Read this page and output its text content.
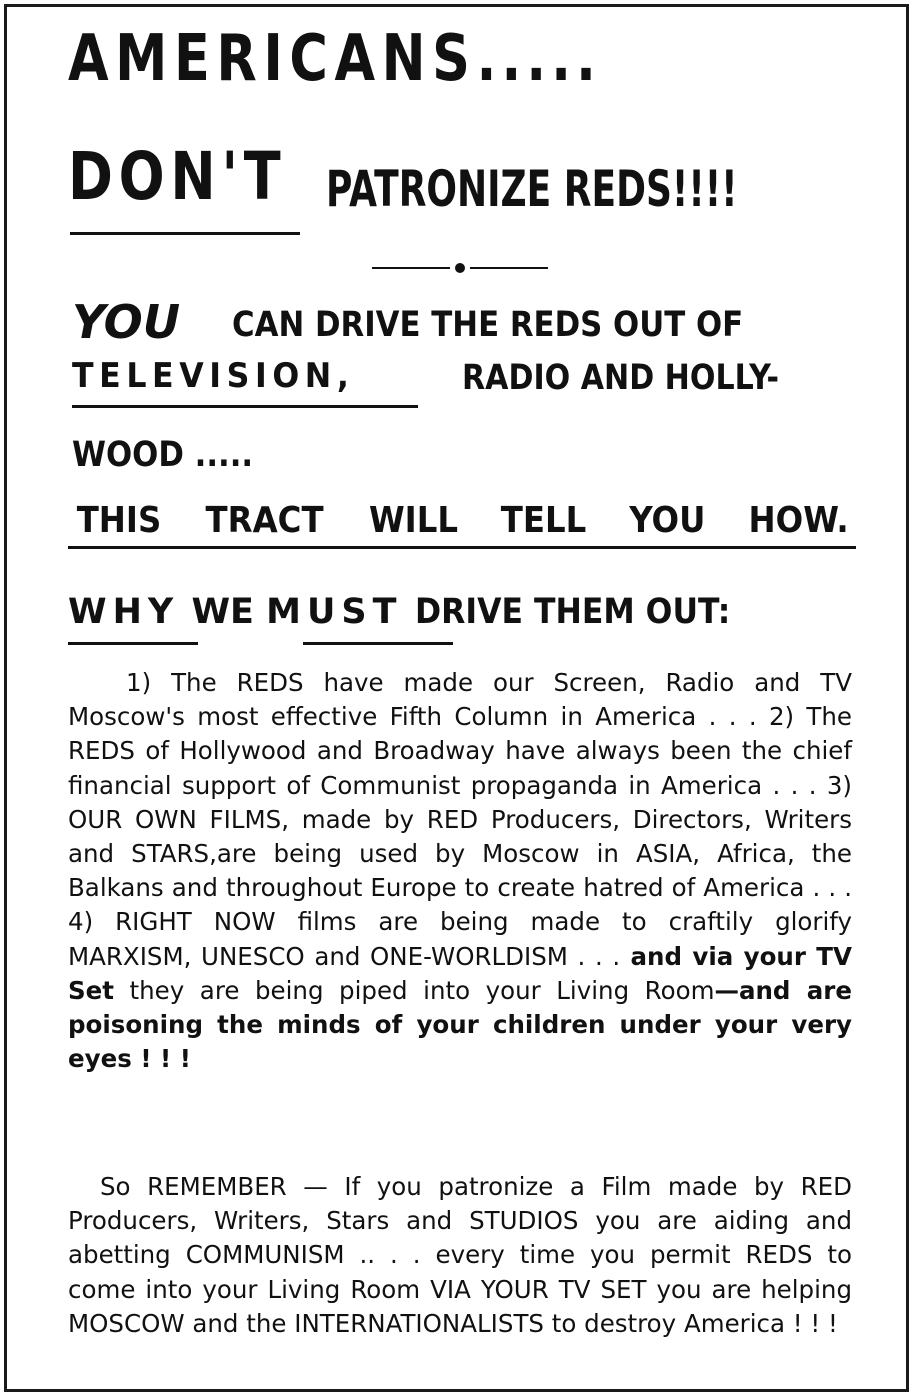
AMERICANS.....
DON'T PATRONIZE REDS!!!!
YOU CAN DRIVE THE REDS OUT OF
TELEVISION,	RADIO AND HOLLY-
WOOD .....
THIS TRACT WILL TELL YOU HOW.
WHY WE MUST DRIVE THEM OUT:

1) The REDS have made our Screen, Radio and TV Moscow's most effective Fifth Column in America . . . 2) The REDS of Hollywood and Broadway have always been the chief financial support of Communist propaganda in America . . . 3) OUR OWN FILMS, made by RED Producers, Directors, Writers and STARS,are being used by Moscow in ASIA, Africa, the Balkans and throughout Europe to create hatred of America . . . 4) RIGHT NOW films are being made to craftily glorify MARXISM, UNESCO and ONE-WORLDISM . . . and via your TV Set they are being piped into your Living Room—and are poisoning the minds of your children under your very eyes ! ! !

So REMEMBER — If you patronize a Film made by RED Producers, Writers, Stars and STUDIOS you are aiding and abetting COMMUNISM .. . . every time you permit REDS to come into your Living Room VIA YOUR TV SET you are helping MOSCOW and the INTERNATIONALISTS to destroy America ! ! !
